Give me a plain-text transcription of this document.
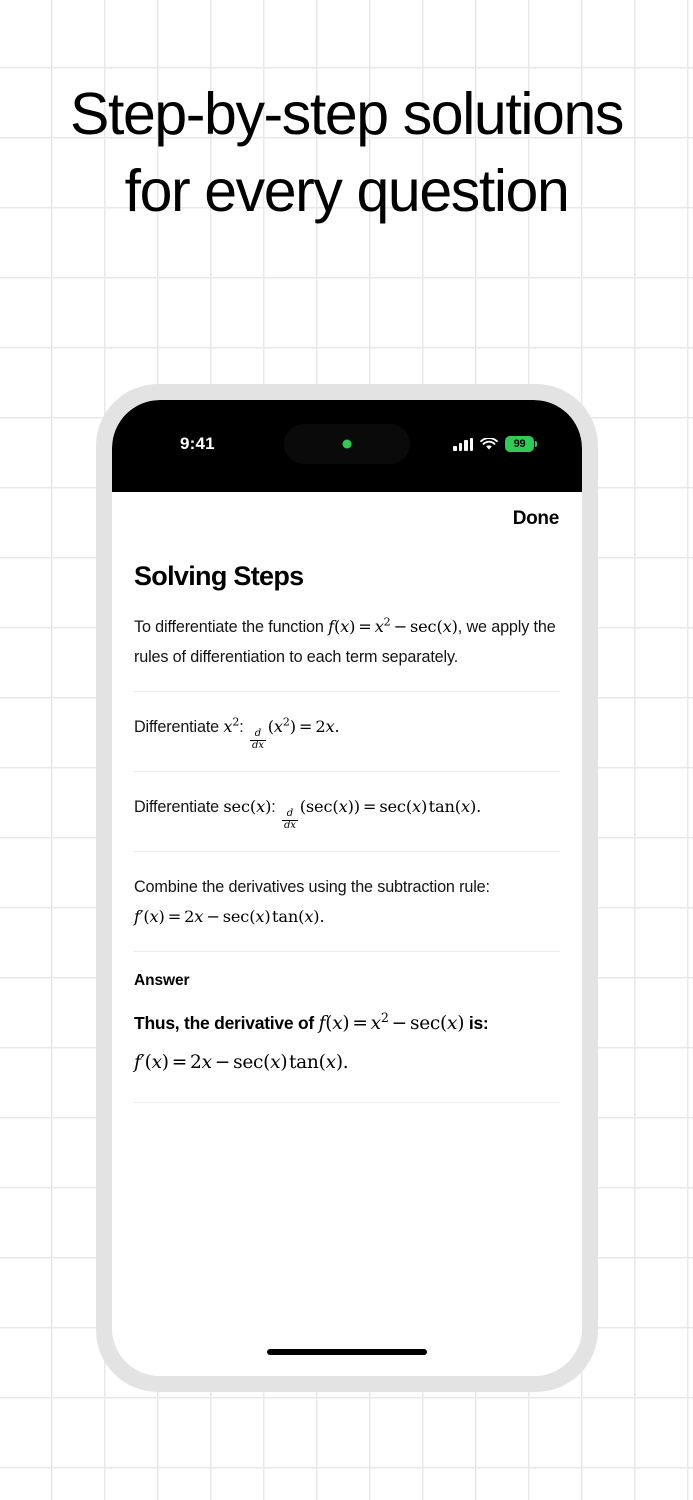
Step-by-step solutions for every question
9:41	99
Done
Solving Steps
To differentiate the function $f(x) = x^2 - \sec(x)$, we apply the rules of differentiation to each term separately.
Differentiate $x^2$:
$\frac{d}{dx}$
$(x^2) = 2x$.
Differentiate sec(x):
$\frac{d}{dx}$
(sec(x)) = sec(x) tan(x).
Combine the derivatives using the subtraction rule: f′(x) = 2x − sec(x) tan(x).
Answer
Thus, the derivative of $f(x) = x^2 - \sec(x)$ is: f′(x) = 2x − sec(x) tan(x).
